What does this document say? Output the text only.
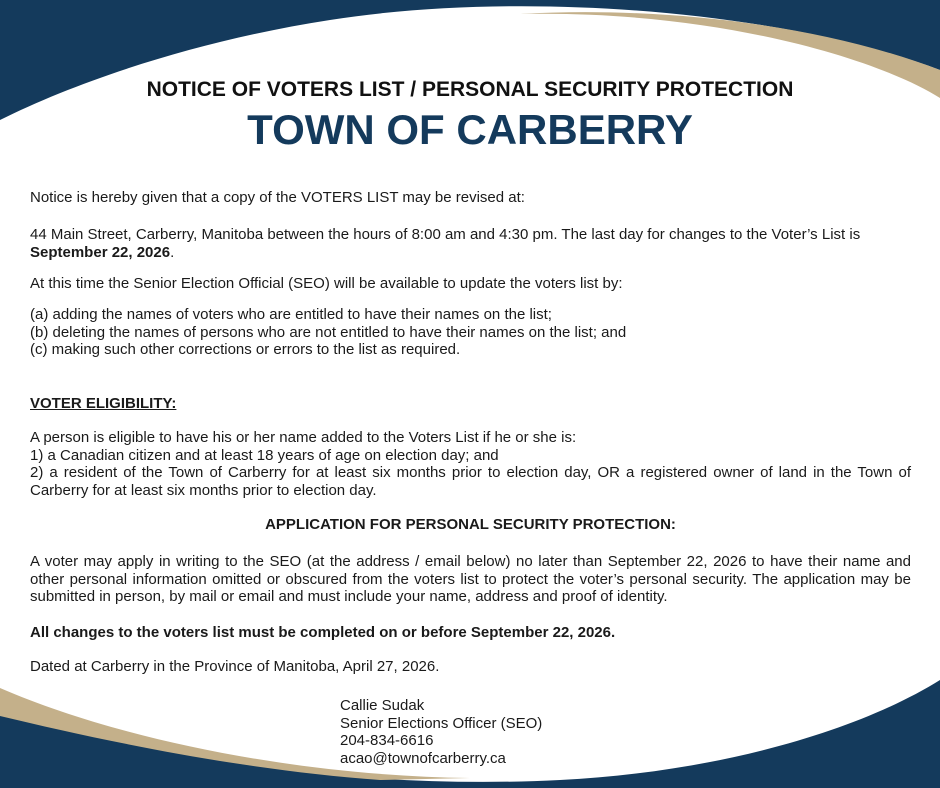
NOTICE OF VOTERS LIST / PERSONAL SECURITY PROTECTION
TOWN OF CARBERRY

Notice is hereby given that a copy of the VOTERS LIST may be revised at:

44 Main Street, Carberry, Manitoba between the hours of 8:00 am and 4:30 pm. The last day for changes to the Voter’s List is September 22, 2026.

At this time the Senior Election Official (SEO) will be available to update the voters list by:

(a) adding the names of voters who are entitled to have their names on the list;
(b) deleting the names of persons who are not entitled to have their names on the list; and
(c) making such other corrections or errors to the list as required.

VOTER ELIGIBILITY:

A person is eligible to have his or her name added to the Voters List if he or she is:
1) a Canadian citizen and at least 18 years of age on election day; and
2) a resident of the Town of Carberry for at least six months prior to election day, OR a registered owner of land in the Town of Carberry for at least six months prior to election day.

APPLICATION FOR PERSONAL SECURITY PROTECTION:

A voter may apply in writing to the SEO (at the address / email below) no later than September 22, 2026 to have their name and other personal information omitted or obscured from the voters list to protect the voter’s personal security. The application may be submitted in person, by mail or email and must include your name, address and proof of identity.

All changes to the voters list must be completed on or before September 22, 2026.

Dated at Carberry in the Province of Manitoba, April 27, 2026.

Callie Sudak
Senior Elections Officer (SEO)
204-834-6616
acao@townofcarberry.ca
